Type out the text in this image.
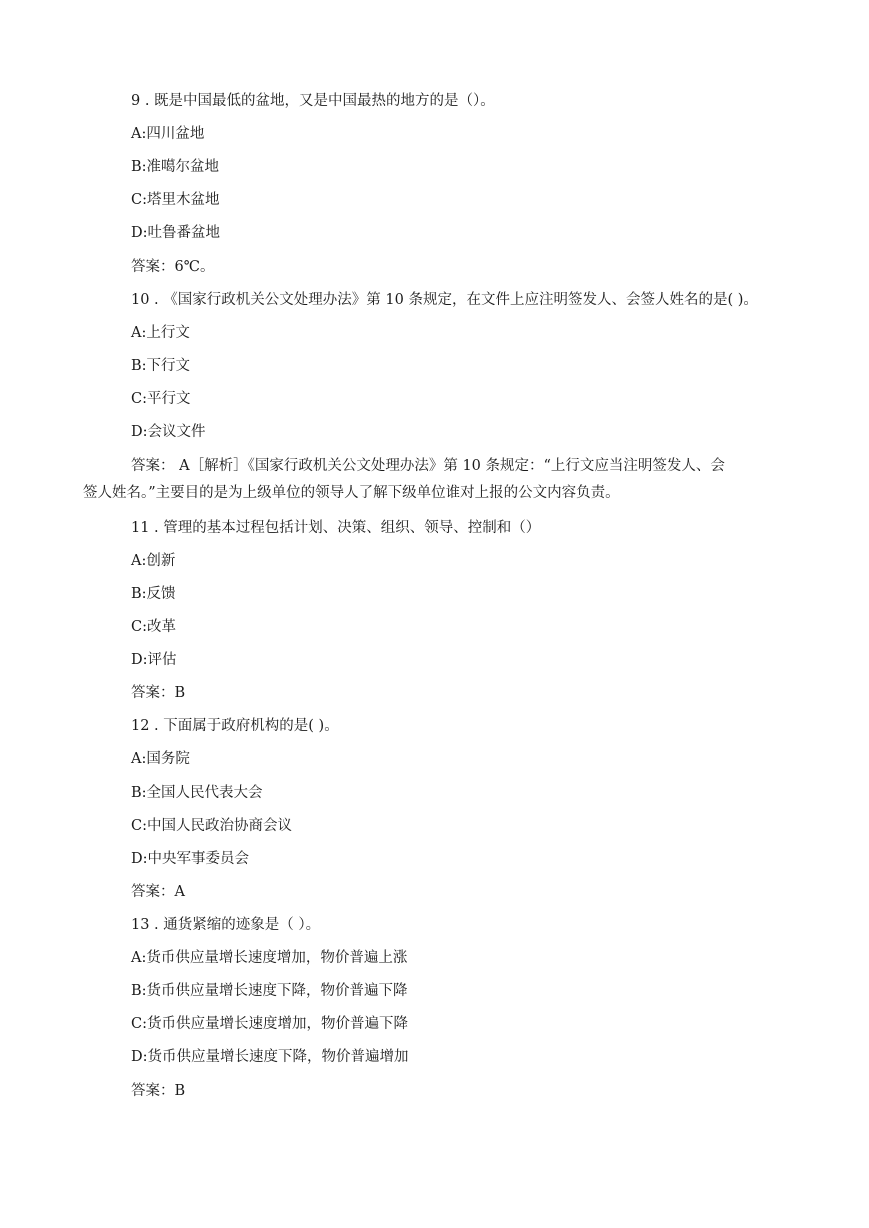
9 . 既是中国最低的盆地，又是中国最热的地方的是（）。
A:四川盆地
B:准噶尔盆地
C:塔里木盆地
D:吐鲁番盆地
答案：6℃。
10 . 《国家行政机关公文处理办法》第 10 条规定，在文件上应注明签发人、会签人姓名的是( )。
A:上行文
B:下行文
C:平行文
D:会议文件
答案： A［解析］《国家行政机关公文处理办法》第 10 条规定：“上行文应当注明签发人、会
签人姓名。”主要目的是为上级单位的领导人了解下级单位谁对上报的公文内容负责。
11 . 管理的基本过程包括计划、决策、组织、领导、控制和（）
A:创新
B:反馈
C:改革
D:评估
答案：B
12 . 下面属于政府机构的是( )。
A:国务院
B:全国人民代表大会
C:中国人民政治协商会议
D:中央军事委员会
答案：A
13 . 通货紧缩的迹象是（ ）。
A:货币供应量增长速度增加，物价普遍上涨
B:货币供应量增长速度下降，物价普遍下降
C:货币供应量增长速度增加，物价普遍下降
D:货币供应量增长速度下降，物价普遍增加
答案：B
